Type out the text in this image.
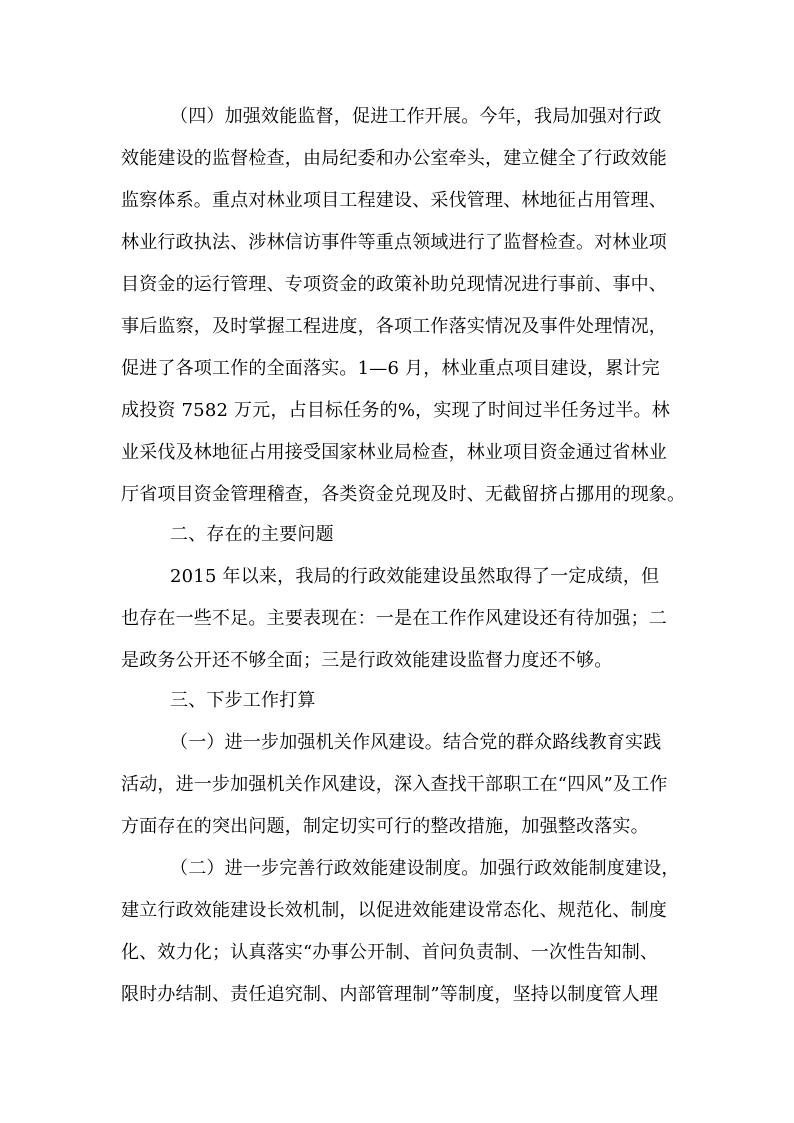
（四）加强效能监督，促进工作开展。今年，我局加强对行政
效能建设的监督检查，由局纪委和办公室牵头，建立健全了行政效能
监察体系。重点对林业项目工程建设、采伐管理、林地征占用管理、
林业行政执法、涉林信访事件等重点领域进行了监督检查。对林业项
目资金的运行管理、专项资金的政策补助兑现情况进行事前、事中、
事后监察，及时掌握工程进度，各项工作落实情况及事件处理情况，
促进了各项工作的全面落实。1—6 月，林业重点项目建设，累计完
成投资 7582 万元，占目标任务的%，实现了时间过半任务过半。林
业采伐及林地征占用接受国家林业局检查，林业项目资金通过省林业
厅省项目资金管理稽查，各类资金兑现及时、无截留挤占挪用的现象。
二、存在的主要问题
2015 年以来，我局的行政效能建设虽然取得了一定成绩，但
也存在一些不足。主要表现在：一是在工作作风建设还有待加强；二
是政务公开还不够全面；三是行政效能建设监督力度还不够。
三、下步工作打算
（一）进一步加强机关作风建设。结合党的群众路线教育实践
活动，进一步加强机关作风建设，深入查找干部职工在“四风”及工作
方面存在的突出问题，制定切实可行的整改措施，加强整改落实。
（二）进一步完善行政效能建设制度。加强行政效能制度建设，
建立行政效能建设长效机制，以促进效能建设常态化、规范化、制度
化、效力化；认真落实“办事公开制、首问负责制、一次性告知制、
限时办结制、责任追究制、内部管理制”等制度，坚持以制度管人理
